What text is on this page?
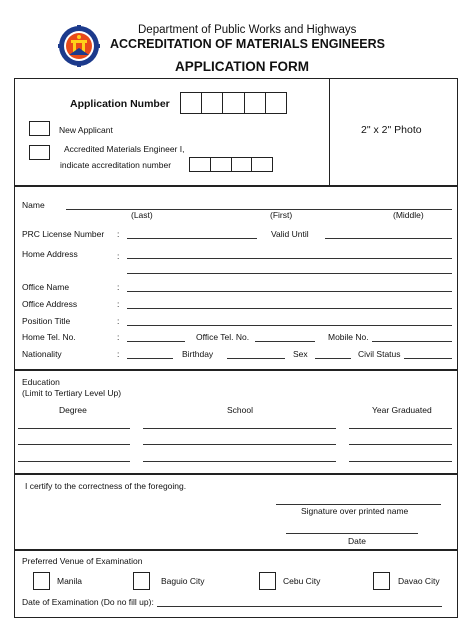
Department of Public Works and Highways
ACCREDITATION OF MATERIALS ENGINEERS
APPLICATION FORM
Application Number
New Applicant
Accredited Materials Engineer I,
indicate accreditation number
2" x 2" Photo
Name
(Last)	(First)	(Middle)
PRC License Number :	Valid Until
Home Address	:
Office Name	:
Office Address	:
Position Title	:
Home Tel. No.	:	Office Tel. No.	Mobile No.
Nationality	:	Birthday	Sex	Civil Status
Education
(Limit to Tertiary Level Up)
Degree	School	Year Graduated
I certify to the correctness of the foregoing.
Signature over printed name
Date
Preferred Venue of Examination
Manila	Baguio City	Cebu City	Davao City
Date of Examination (Do no fill up):
